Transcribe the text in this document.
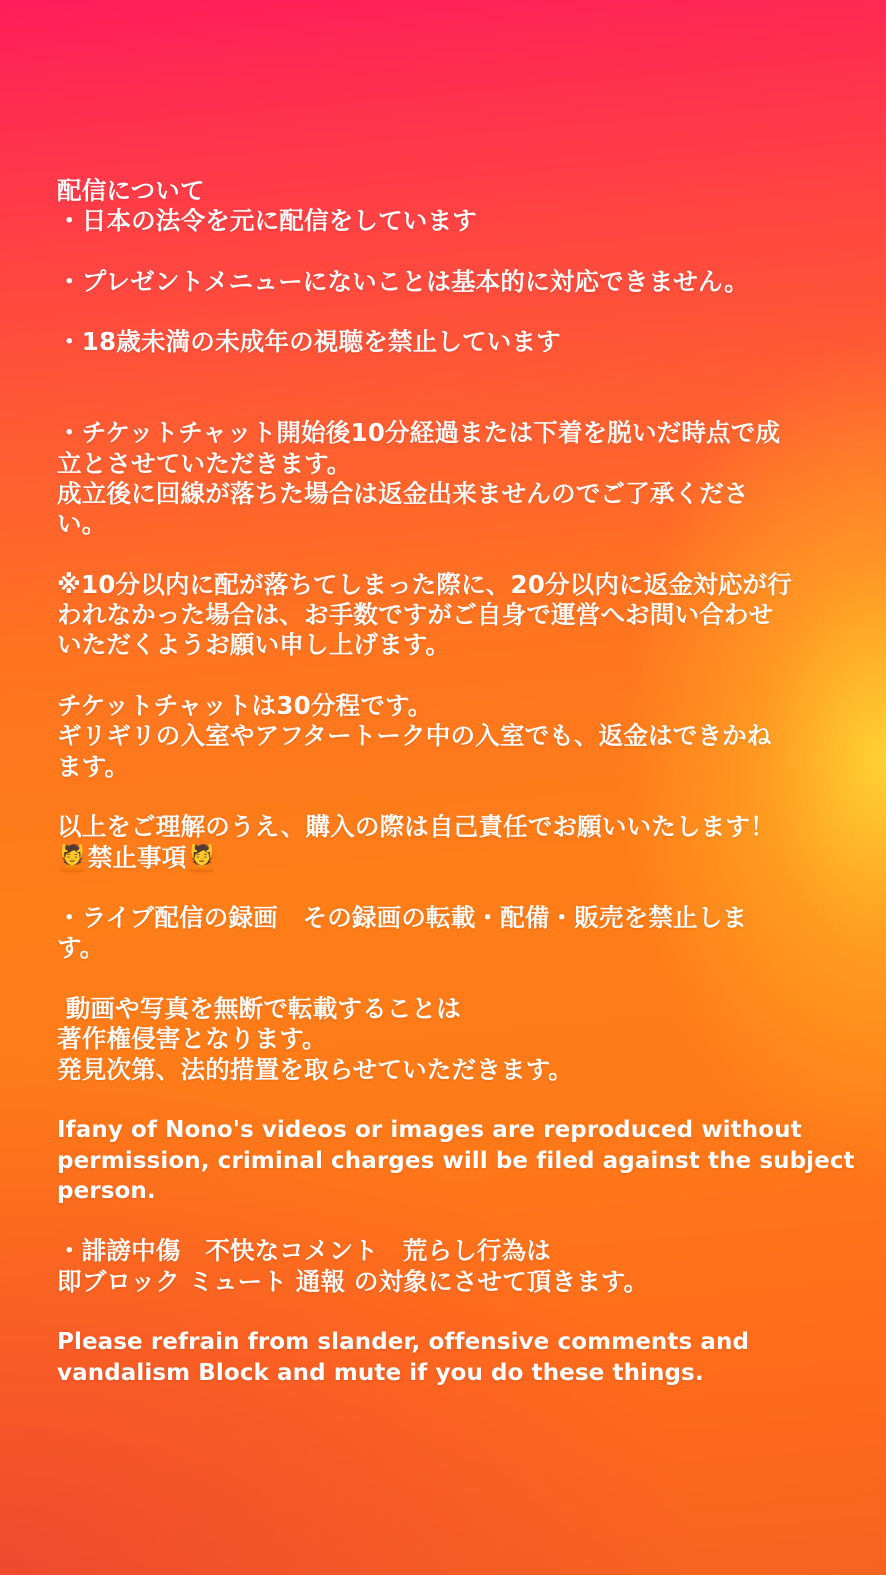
配信について
・日本の法令を元に配信をしています
・プレゼントメニューにないことは基本的に対応できません。
・18歳未満の未成年の視聴を禁止しています
・チケットチャット開始後10分経過または下着を脱いだ時点で成
立とさせていただきます。
成立後に回線が落ちた場合は返金出来ませんのでご了承くださ
い。
※10分以内に配が落ちてしまった際に、20分以内に返金対応が行
われなかった場合は、お手数ですがご自身で運営へお問い合わせ
いただくようお願い申し上げます。
チケットチャットは30分程です。
ギリギリの入室やアフタートーク中の入室でも、返金はできかね
ます。
以上をご理解のうえ、購入の際は自己責任でお願いいたします！
💆禁止事項💆
・ライブ配信の録画　その録画の転載・配備・販売を禁止しま
す。
動画や写真を無断で転載することは
著作権侵害となります。
発見次第、法的措置を取らせていただきます。
Ifany of Nono's videos or images are reproduced without
permission, criminal charges will be filed against the subject
person.
・誹謗中傷　不快なコメント　荒らし行為は
即ブロック ミュート 通報 の対象にさせて頂きます。
Please refrain from slander, offensive comments and
vandalism Block and mute if you do these things.
